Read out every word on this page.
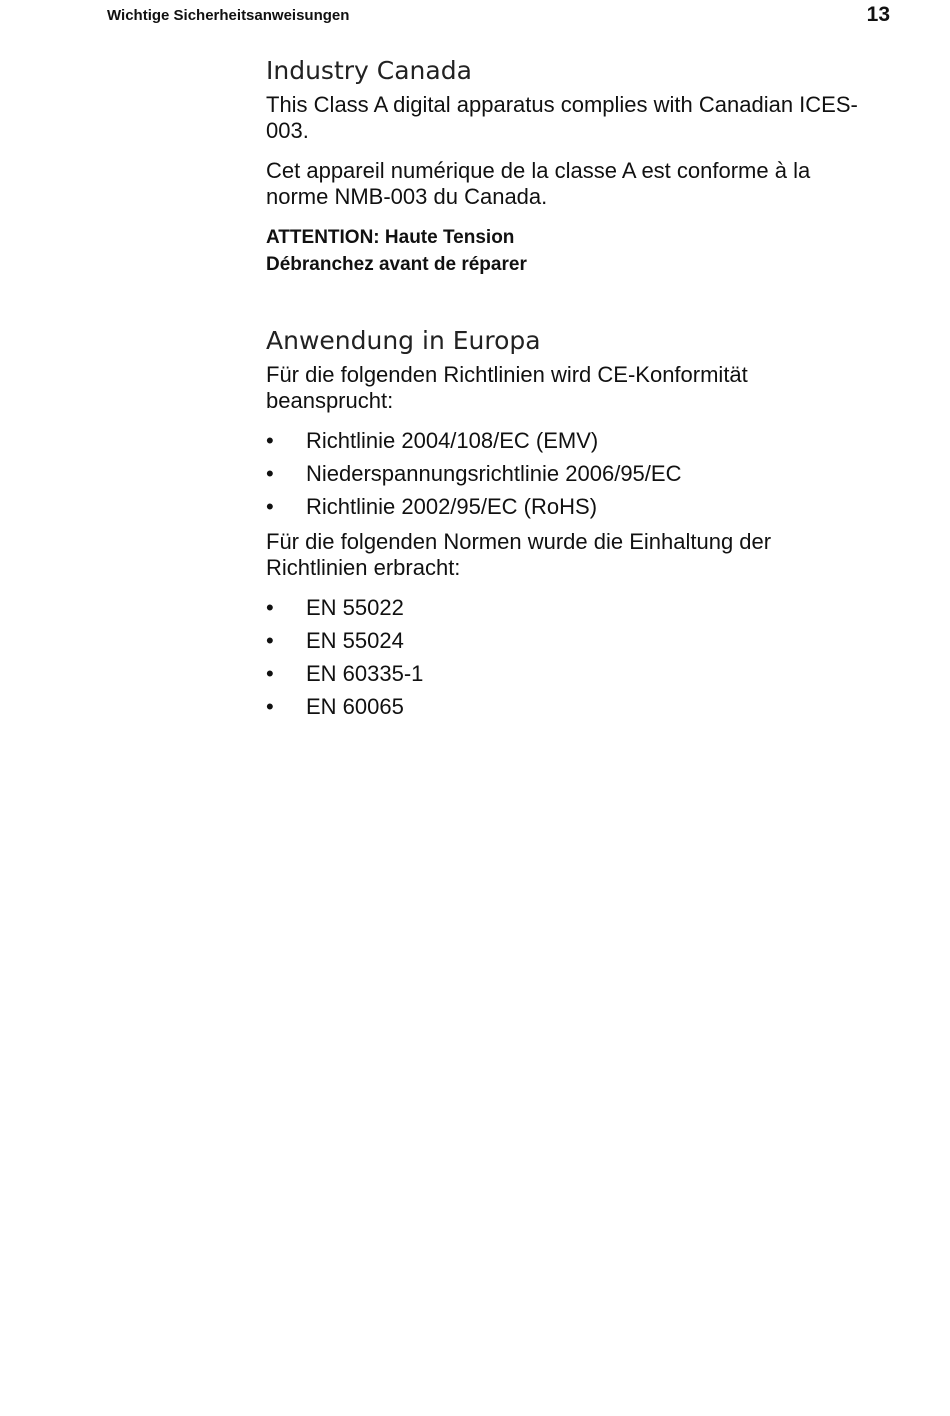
Wichtige Sicherheitsanweisungen	13
Industry Canada

This Class A digital apparatus complies with Canadian ICES-003.

Cet appareil numérique de la classe A est conforme à la norme NMB-003 du Canada.

ATTENTION: Haute Tension
Débranchez avant de réparer
Anwendung in Europa

Für die folgenden Richtlinien wird CE-Konformität beansprucht:

• Richtlinie 2004/108/EC (EMV)
• Niederspannungsrichtlinie 2006/95/EC
• Richtlinie 2002/95/EC (RoHS)

Für die folgenden Normen wurde die Einhaltung der Richtlinien erbracht:

• EN 55022
• EN 55024
• EN 60335-1
• EN 60065
